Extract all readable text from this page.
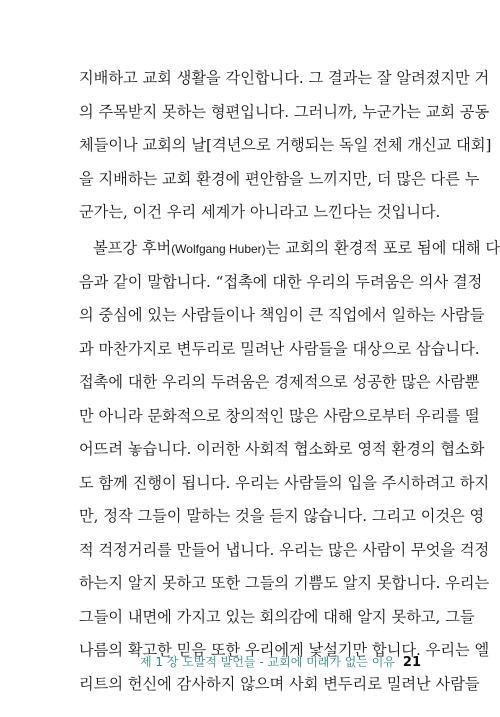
지배하고 교회 생활을 각인합니다. 그 결과는 잘 알려졌지만 거
의 주목받지 못하는 형편입니다. 그러니까, 누군가는 교회 공동
체들이나 교회의 날[격년으로 거행되는 독일 전체 개신교 대회]
을 지배하는 교회 환경에 편안함을 느끼지만, 더 많은 다른 누
군가는, 이건 우리 세계가 아니라고 느낀다는 것입니다.
볼프강 후버(Wolfgang Huber)는 교회의 환경적 포로 됨에 대해 다
음과 같이 말합니다. “접촉에 대한 우리의 두려움은 의사 결정
의 중심에 있는 사람들이나 책임이 큰 직업에서 일하는 사람들
과 마찬가지로 변두리로 밀려난 사람들을 대상으로 삼습니다.
접촉에 대한 우리의 두려움은 경제적으로 성공한 많은 사람뿐
만 아니라 문화적으로 창의적인 많은 사람으로부터 우리를 떨
어뜨려 놓습니다. 이러한 사회적 협소화로 영적 환경의 협소화
도 함께 진행이 됩니다. 우리는 사람들의 입을 주시하려고 하지
만, 정작 그들이 말하는 것을 듣지 않습니다. 그리고 이것은 영
적 걱정거리를 만들어 냅니다. 우리는 많은 사람이 무엇을 걱정
하는지 알지 못하고 또한 그들의 기쁨도 알지 못합니다. 우리는
그들이 내면에 가지고 있는 회의감에 대해 알지 못하고, 그들
나름의 확고한 믿음 또한 우리에게 낯설기만 합니다. 우리는 엘
리트의 헌신에 감사하지 않으며 사회 변두리로 밀려난 사람들
제 1 장 도발적 발언들 - 교회에 미래가 없는 이유 21
